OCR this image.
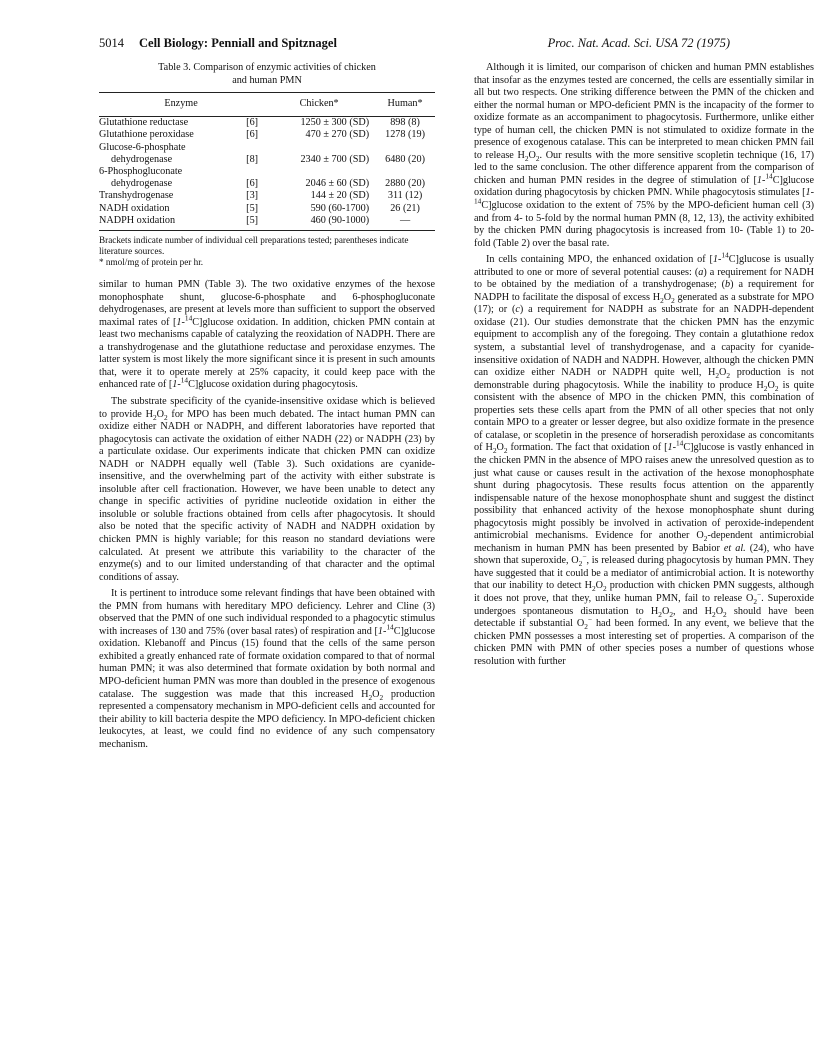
5014 Cell Biology: Penniall and Spitznagel	Proc. Nat. Acad. Sci. USA 72 (1975)
Table 3. Comparison of enzymic activities of chicken
and human PMN
Enzyme		Chicken*	Human*
Glutathione reductase	[6]	1250 ± 300 (SD)	898 (8)
Glutathione peroxidase	[6]	470 ± 270 (SD)	1278 (19)

Glucose-6-phosphate
dehydrogenase	[8]	2340 ± 700 (SD)	6480 (20)

6-Phosphogluconate
dehydrogenase	[6]	2046 ± 60 (SD)	2880 (20)
Transhydrogenase	[3]	144 ± 20 (SD)	311 (12)
NADH oxidation	[5]	590 (60-1700)	26 (21)
NADPH oxidation	[5]	460 (90-1000)	—
Brackets indicate number of individual cell preparations tested; parentheses indicate literature sources.
* nmol/mg of protein per hr.

similar to human PMN (Table 3). The two oxidative enzymes of the hexose monophosphate shunt, glucose-6-phosphate and 6-phosphogluconate dehydrogenases, are present at levels more than sufficient to support the observed maximal rates of [1-$^{14}$C]glucose oxidation. In addition, chicken PMN contain at least two mechanisms capable of catalyzing the reoxidation of NADPH. There are a transhydrogenase and the glutathione reductase and peroxidase enzymes. The latter system is most likely the more significant since it is present in such amounts that, were it to operate merely at 25% capacity, it could keep pace with the enhanced rate of [1-$^{14}$C]glucose oxidation during phagocytosis.

The substrate specificity of the cyanide-insensitive oxidase which is believed to provide $H_2O_2$ for MPO has been much debated. The intact human PMN can oxidize either NADH or NADPH, and different laboratories have reported that phagocytosis can activate the oxidation of either NADH (22) or NADPH (23) by a particulate oxidase. Our experiments indicate that chicken PMN can oxidize NADH or NADPH equally well (Table 3). Such oxidations are cyanide-insensitive, and the overwhelming part of the activity with either substrate is insoluble after cell fractionation. However, we have been unable to detect any change in specific activities of pyridine nucleotide oxidation in either the insoluble or soluble fractions obtained from cells after phagocytosis. It should also be noted that the specific activity of NADH and NADPH oxidation by chicken PMN is highly variable; for this reason no standard deviations were calculated. At present we attribute this variability to the character of the enzyme(s) and to our limited understanding of that character and the optimal conditions of assay.

It is pertinent to introduce some relevant findings that have been obtained with the PMN from humans with hereditary MPO deficiency. Lehrer and Cline (3) observed that the PMN of one such individual responded to a phagocytic stimulus with increases of 130 and 75% (over basal rates) of respiration and [1-$^{14}$C]glucose oxidation. Klebanoff and Pincus (15) found that the cells of the same person exhibited a greatly enhanced rate of formate oxidation compared to that of normal human PMN; it was also determined that formate oxidation by both normal and MPO-deficient human PMN was more than doubled in the presence of exogenous catalase. The suggestion was made that this increased $H_2O_2$ production represented a compensatory mechanism in MPO-deficient cells and accounted for their ability to kill bacteria despite the MPO deficiency. In MPO-deficient chicken leukocytes, at least, we could find no evidence of any such compensatory mechanism.

Although it is limited, our comparison of chicken and human PMN establishes that insofar as the enzymes tested are concerned, the cells are essentially similar in all but two respects. One striking difference between the PMN of the chicken and either the normal human or MPO-deficient PMN is the incapacity of the former to oxidize formate as an accompaniment to phagocytosis. Furthermore, unlike either type of human cell, the chicken PMN is not stimulated to oxidize formate in the presence of exogenous catalase. This can be interpreted to mean chicken PMN fail to release $H_2O_2$. Our results with the more sensitive scopletin technique (16, 17) led to the same conclusion. The other difference apparent from the comparison of chicken and human PMN resides in the degree of stimulation of [1-$^{14}$C]glucose oxidation during phagocytosis by chicken PMN. While phagocytosis stimulates [1-$^{14}$C]glucose oxidation to the extent of 75% by the MPO-deficient human cell (3) and from 4- to 5-fold by the normal human PMN (8, 12, 13), the activity exhibited by the chicken PMN during phagocytosis is increased from 10- (Table 1) to 20-fold (Table 2) over the basal rate.

In cells containing MPO, the enhanced oxidation of [1-$^{14}$C]glucose is usually attributed to one or more of several potential causes: (a) a requirement for NADH to be obtained by the mediation of a transhydrogenase; (b) a requirement for NADPH to facilitate the disposal of excess $H_2O_2$ generated as a substrate for MPO (17); or (c) a requirement for NADPH as substrate for an NADPH-dependent oxidase (21). Our studies demonstrate that the chicken PMN has the enzymic equipment to accomplish any of the foregoing. They contain a glutathione redox system, a substantial level of transhydrogenase, and a capacity for cyanide-insensitive oxidation of NADH and NADPH. However, although the chicken PMN can oxidize either NADH or NADPH quite well, $H_2O_2$ production is not demonstrable during phagocytosis. While the inability to produce $H_2O_2$ is quite consistent with the absence of MPO in the chicken PMN, this combination of properties sets these cells apart from the PMN of all other species that not only contain MPO to a greater or lesser degree, but also oxidize formate in the presence of catalase, or scopletin in the presence of horseradish peroxidase as concomitants of $H_2O_2$ formation. The fact that oxidation of [1-$^{14}$C]glucose is vastly enhanced in the chicken PMN in the absence of MPO raises anew the unresolved question as to just what cause or causes result in the activation of the hexose monophosphate shunt during phagocytosis. These results focus attention on the apparently indispensable nature of the hexose monophosphate shunt and suggest the distinct possibility that enhanced activity of the hexose monophosphate shunt during phagocytosis might possibly be involved in activation of peroxide-independent antimicrobial mechanisms. Evidence for another $O_2$-dependent antimicrobial mechanism in human PMN has been presented by Babior et al. (24), who have shown that superoxide, $O_2^-$, is released during phagocytosis by human PMN. They have suggested that it could be a mediator of antimicrobial action. It is noteworthy that our inability to detect $H_2O_2$ production with chicken PMN suggests, although it does not prove, that they, unlike human PMN, fail to release $O_2^-$. Superoxide undergoes spontaneous dismutation to $H_2O_2$, and $H_2O_2$ should have been detectable if substantial $O_2^-$ had been formed. In any event, we believe that the chicken PMN possesses a most interesting set of properties. A comparison of the chicken PMN with PMN of other species poses a number of questions whose resolution with further
